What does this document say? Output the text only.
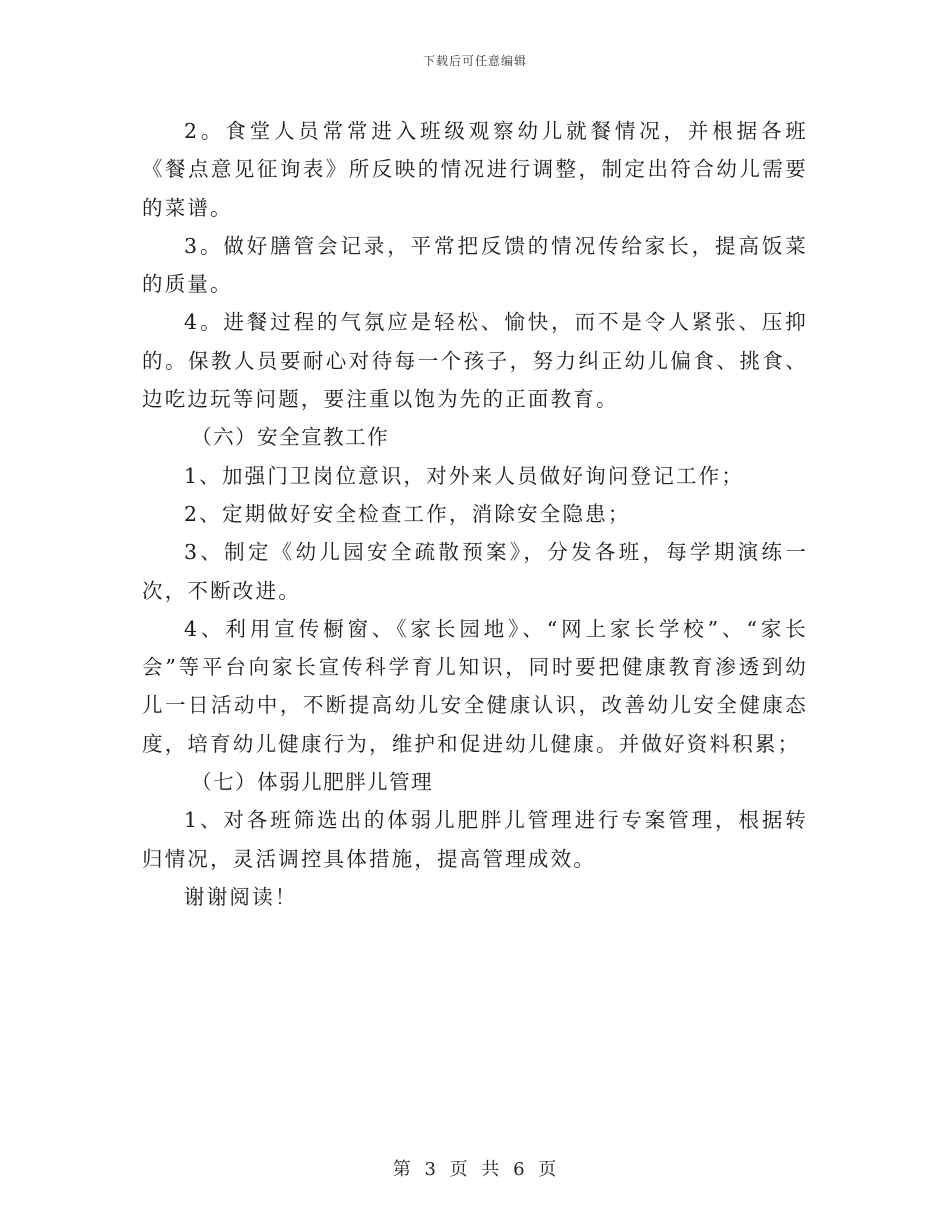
下载后可任意编辑

2。食堂人员常常进入班级观察幼儿就餐情况，并根据各班《餐点意见征询表》所反映的情况进行调整，制定出符合幼儿需要的菜谱。

3。做好膳管会记录，平常把反馈的情况传给家长，提高饭菜的质量。

4。进餐过程的气氛应是轻松、愉快，而不是令人紧张、压抑的。保教人员要耐心对待每一个孩子，努力纠正幼儿偏食、挑食、边吃边玩等问题，要注重以饱为先的正面教育。

（六）安全宣教工作

1、加强门卫岗位意识，对外来人员做好询问登记工作；

2、定期做好安全检查工作，消除安全隐患；

3、制定《幼儿园安全疏散预案》，分发各班，每学期演练一次，不断改进。

4、利用宣传橱窗、《家长园地》、“网上家长学校”、“家长会”等平台向家长宣传科学育儿知识，同时要把健康教育渗透到幼儿一日活动中，不断提高幼儿安全健康认识，改善幼儿安全健康态度，培育幼儿健康行为，维护和促进幼儿健康。并做好资料积累；

（七）体弱儿肥胖儿管理

1、对各班筛选出的体弱儿肥胖儿管理进行专案管理，根据转归情况，灵活调控具体措施，提高管理成效。

谢谢阅读！

第 3 页 共 6 页
